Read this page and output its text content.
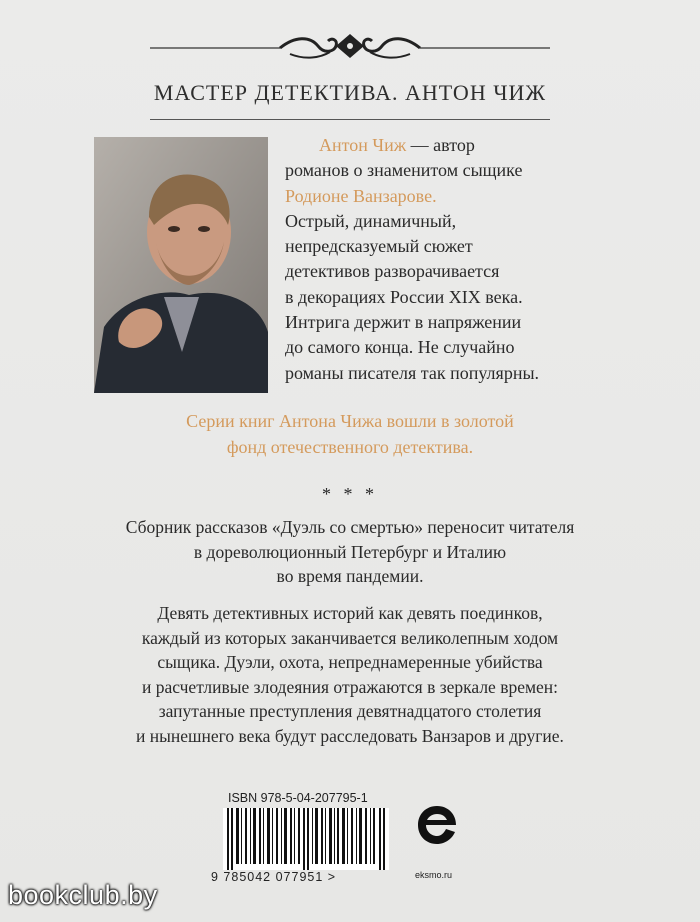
МАСТЕР ДЕТЕКТИВА. АНТОН ЧИЖ

Антон Чиж — автор

романов о знаменитом сыщике

Родионе Ванзарове.

Острый, динамичный,

непредсказуемый сюжет

детективов разворачивается

в декорациях России XIX века.

Интрига держит в напряжении

до самого конца. Не случайно

романы писателя так популярны.

Серии книг Антона Чижа вошли в золотой
фонд отечественного детектива.
* * *
Сборник рассказов «Дуэль со смертью» переносит читателя
в дореволюционный Петербург и Италию
во время пандемии.
Девять детективных историй как девять поединков,
каждый из которых заканчивается великолепным ходом
сыщика. Дуэли, охота, непреднамеренные убийства
и расчетливые злодеяния отражаются в зеркале времен:
запутанные преступления девятнадцатого столетия
и нынешнего века будут расследовать Ванзаров и другие.
ISBN 978-5-04-207795-1
9 785042 077951 >	eksmo.ru
bookclub.by
